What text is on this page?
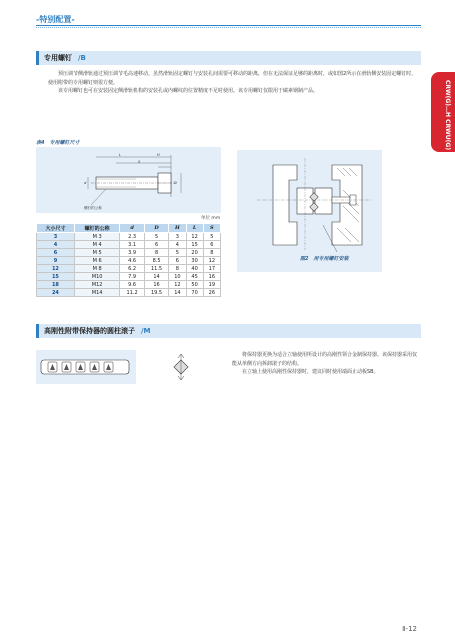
-特别配置-
CRW(G)…H CRWU(G)
专用螺钉 /B

预压调节侧滑轨通过预压调节毛高速移动。虽然滑轨固定螺钉与安装孔间需要可移动的距离，但在无法保证足够的距离时，或如图2所示在滑轨侧安装固定螺钉时，使用附带的专用螺钉则很方便。

该专用螺钉也可在安装固定侧滑轨机构的安装孔或内螺纹的位置精度不足时使用。该专用螺钉仅限用于碳素钢制产品。

表4　专用螺钉尺寸
L	H
S
d	D
螺钉的公称
单位 mm
大小尺寸	螺钉的公称	d	D	H	L	S
3	M 3	2.3	5	3	12	5
4	M 4	3.1	6	4	15	6
6	M 5	3.9	8	5	20	8
9	M 6	4.6	8.5	6	30	12
12	M 8	6.2	11.5	8	40	17
15	M10	7.9	14	10	45	16
18	M12	9.6	16	12	50	19
24	M14	11.2	19.5	14	70	26
图2　用专用螺钉安装
高刚性附带保持器的圆柱滚子 /M

将保持器更换为适合立轴使用所设计的高刚性领合金制保持器。该保持器采用仅能从单侧方向拆卸滚子的结构。

在立轴上使用高刚性保持器时，建议同时使用端面止动板SB。

Ⅱ-12
